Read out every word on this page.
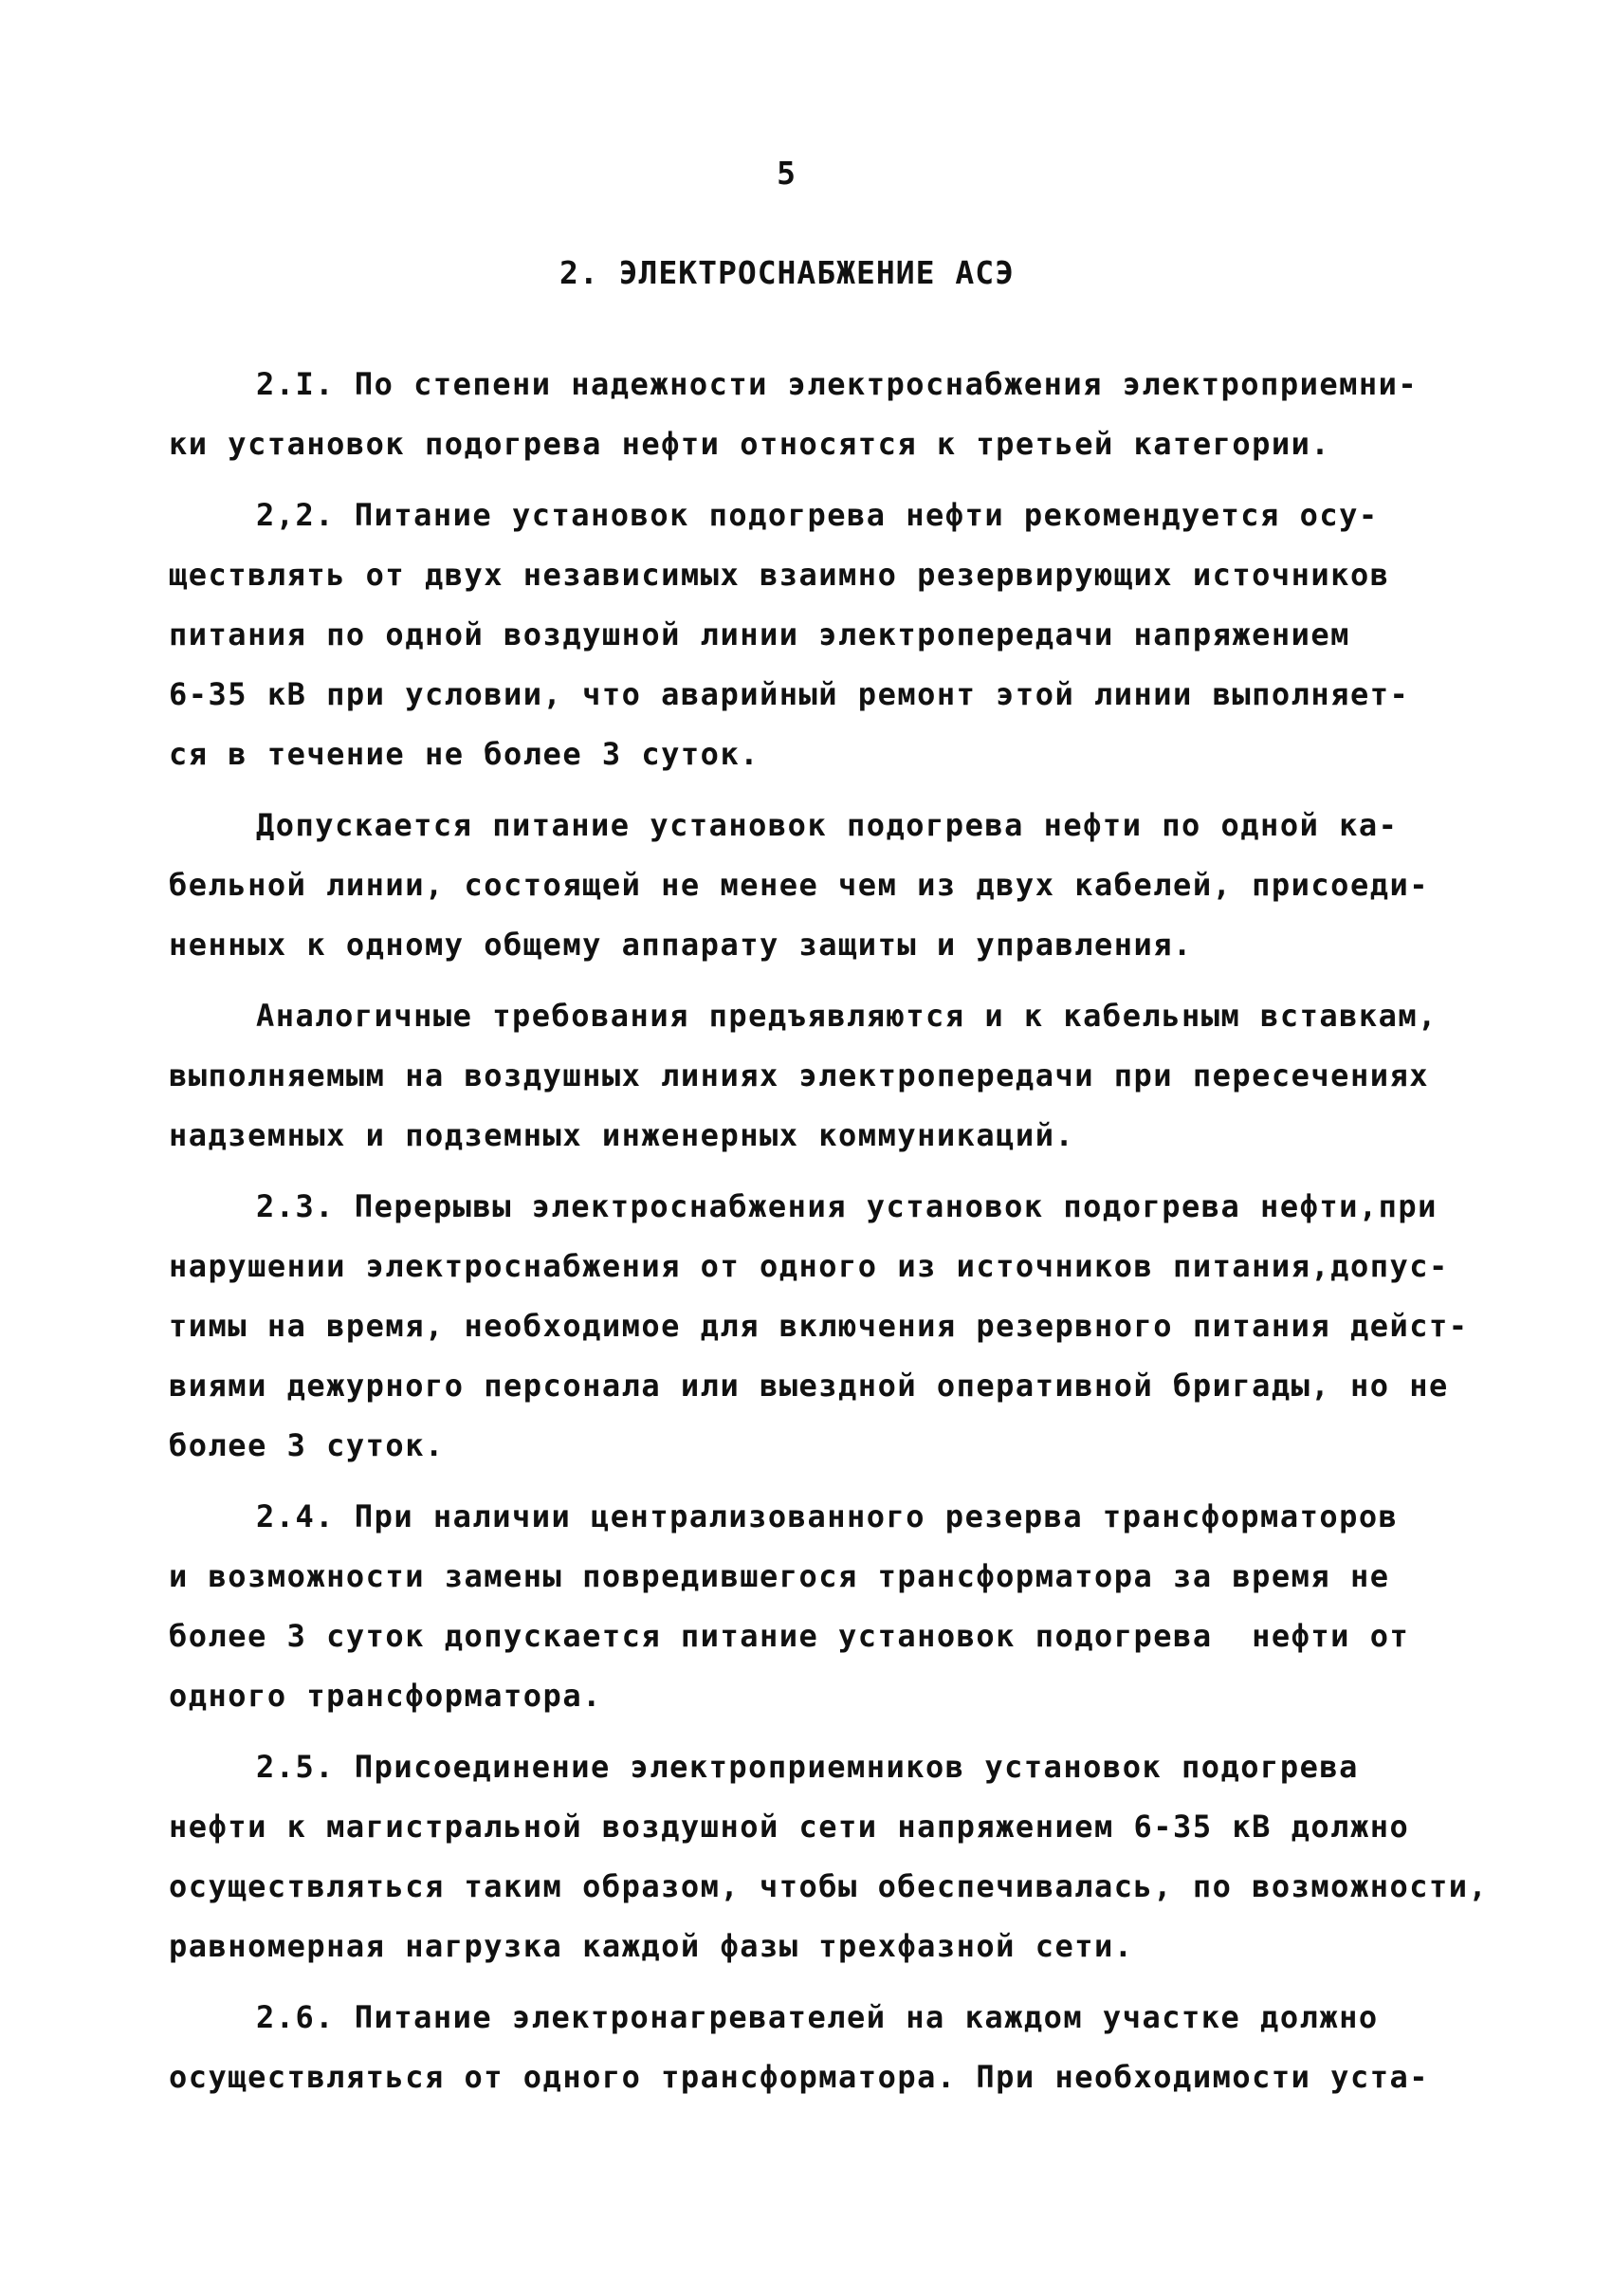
5
2. ЭЛЕКТРОСНАБЖЕНИЕ АСЭ
2.I. По степени надежности электроснабжения электроприемни-
ки установок подогрева нефти относятся к третьей категории.
2,2. Питание установок подогрева нефти рекомендуется осу-
ществлять от двух независимых взаимно резервирующих источников
питания по одной воздушной линии электропередачи напряжением
6-35 кВ при условии, что аварийный ремонт этой линии выполняет-
ся в течение не более 3 суток.
Допускается питание установок подогрева нефти по одной ка-
бельной линии, состоящей не менее чем из двух кабелей, присоеди-
ненных к одному общему аппарату защиты и управления.
Аналогичные требования предъявляются и к кабельным вставкам,
выполняемым на воздушных линиях электропередачи при пересечениях
надземных и подземных инженерных коммуникаций.
2.3. Перерывы электроснабжения установок подогрева нефти,при
нарушении электроснабжения от одного из источников питания,допус-
тимы на время, необходимое для включения резервного питания дейст-
виями дежурного персонала или выездной оперативной бригады, но не
более 3 суток.
2.4. При наличии централизованного резерва трансформаторов
и возможности замены повредившегося трансформатора за время не
более 3 суток допускается питание установок подогрева  нефти от
одного трансформатора.
2.5. Присоединение электроприемников установок подогрева
нефти к магистральной воздушной сети напряжением 6-35 кВ должно
осуществляться таким образом, чтобы обеспечивалась, по возможности,
равномерная нагрузка каждой фазы трехфазной сети.
2.6. Питание электронагревателей на каждом участке должно
осуществляться от одного трансформатора. При необходимости уста-
